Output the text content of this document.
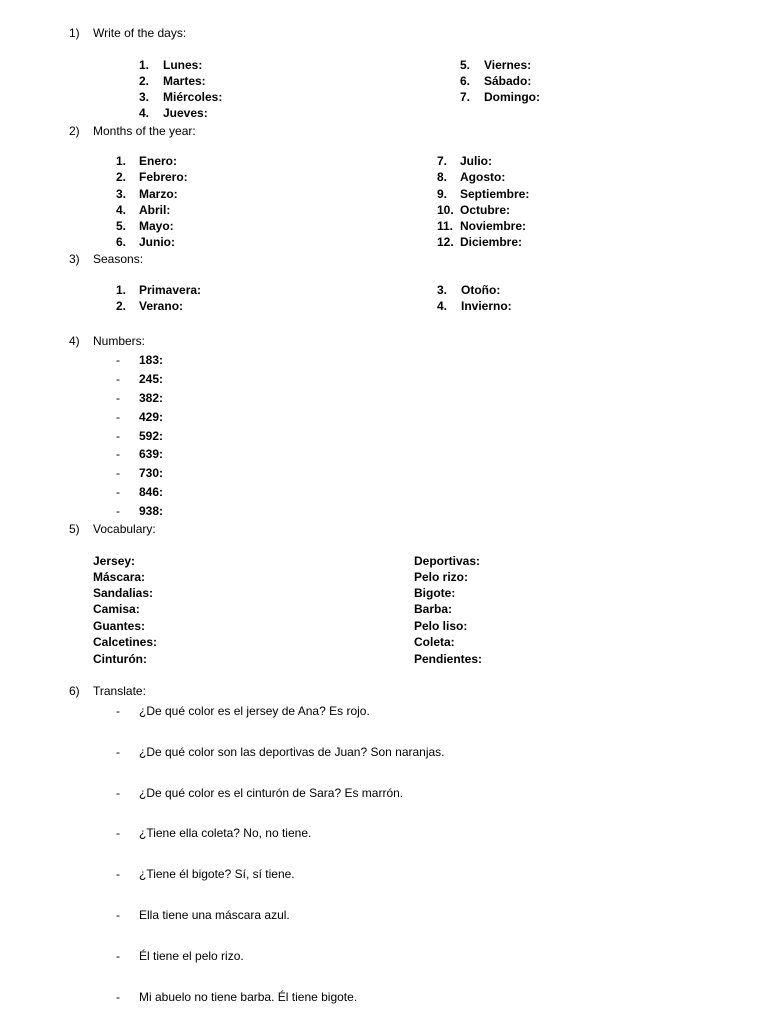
1) Write of the days:
1. Lunes:
2. Martes:
3. Miércoles:
4. Jueves:
5. Viernes:
6. Sábado:
7. Domingo:
2) Months of the year:
1. Enero:
2. Febrero:
3. Marzo:
4. Abril:
5. Mayo:
6. Junio:
7. Julio:
8. Agosto:
9. Septiembre:
10. Octubre:
11. Noviembre:
12. Diciembre:
3) Seasons:
1. Primavera:
2. Verano:
3. Otoño:
4. Invierno:
4) Numbers:
- 183:
- 245:
- 382:
- 429:
- 592:
- 639:
- 730:
- 846:
- 938:
5) Vocabulary:
Jersey:
Máscara:
Sandalias:
Camisa:
Guantes:
Calcetines:
Cinturón:
Deportivas:
Pelo rizo:
Bigote:
Barba:
Pelo liso:
Coleta:
Pendientes:
6) Translate:
- ¿De qué color es el jersey de Ana? Es rojo.
- ¿De qué color son las deportivas de Juan? Son naranjas.
- ¿De qué color es el cinturón de Sara? Es marrón.
- ¿Tiene ella coleta? No, no tiene.
- ¿Tiene él bigote? Sí, sí tiene.
- Ella tiene una máscara azul.
- Él tiene el pelo rizo.
- Mi abuelo no tiene barba. Él tiene bigote.
